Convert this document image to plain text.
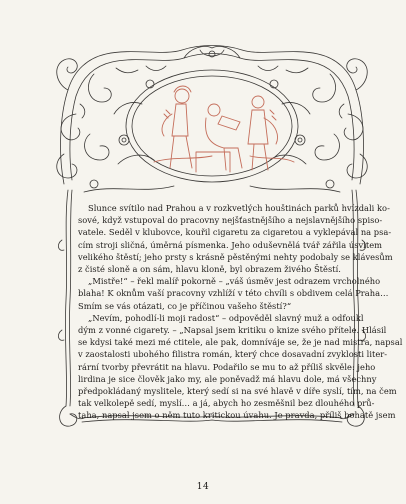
Slunce svítilo nad Prahou a v rozkvetlých houštinách parků hvízdali ko-
sové, když vstupoval do pracovny nejšťastnějšího a nejslavnějšího spiso-
vatele. Seděl v klubovce, kouřil cigaretu za cigaretou a vyklepával na psa-
cím stroji sličná, úměrná písmenka. Jeho oduševnělá tvář zářila úsvitem
velikého štěstí; jeho prsty s krásně pěstěnými nehty podobaly se klávesům
z čisté sloně a on sám, hlavu kloně, byl obrazem živého Štěstí.
„Mistře!“ – řekl malíř pokorně – „váš úsměv jest odrazem vrcholného
blaha! K oknům vaší pracovny vzhlíží v této chvíli s obdivem celá Praha…
Smím se vás otázati, co je příčinou vašeho štěstí?“
„Nevím, pohodlí-li moji radost“ – odpověděl slavný muž a odfoukl
dým z vonné cigarety. – „Napsal jsem kritiku o knize svého přítele. Hlásil
se kdysi také mezi mé ctitele, ale pak, domníváje se, že je nad mistra, napsal
v zaostalosti ubohého filistra román, který chce dosavadní zvyklosti liter-
rární tvorby převrátit na hlavu. Podařilo se mu to až příliš skvěle: jeho
lirdina je sice člověk jako my, ale poněvadž má hlavu dole, má všechny
předpokládaný myslitele, který sedí si na své hlavě v díře syslí, tím, na čem
tak velkolepě sedí, myslí… a já, abych ho zesměšnil bez dlouhého prů-
taha, napsal jsem o něm tuto kritickou úvahu. Je pravda, příliš bohatě jsem
14
